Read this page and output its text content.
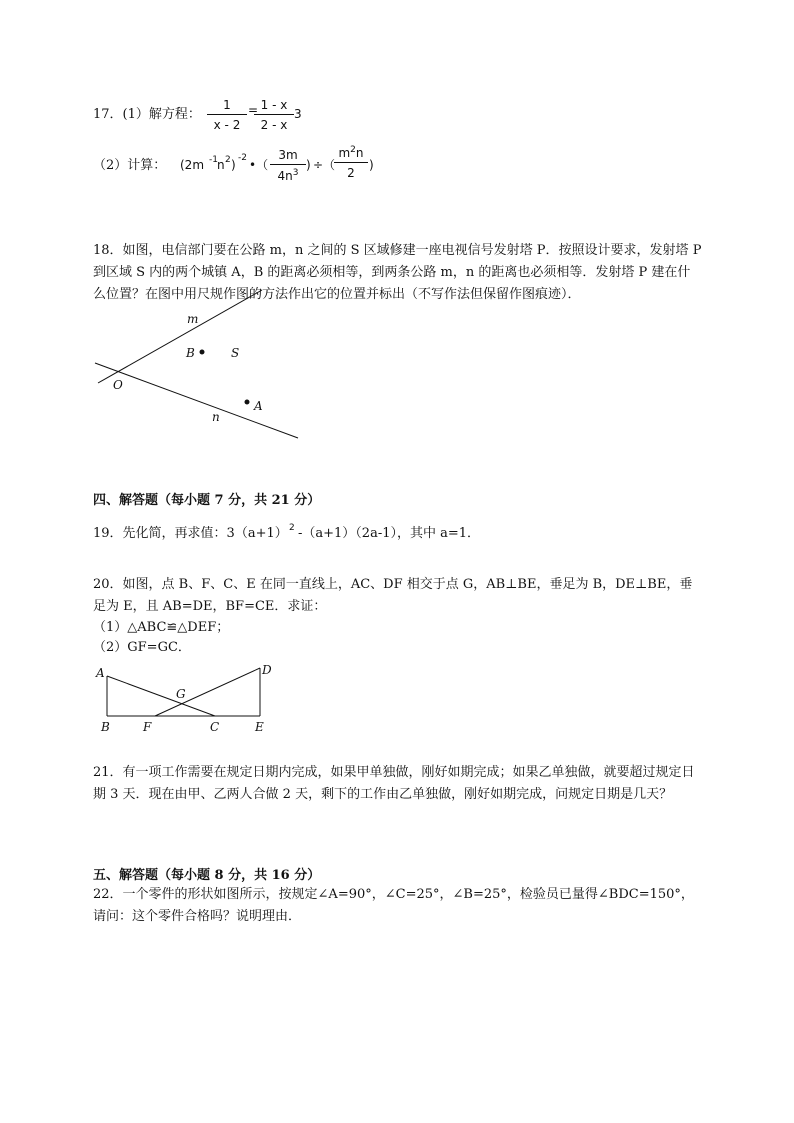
17．(1）解方程：
1
x - 2
= 1 - x
2 - x
3
（2）计算： (2m -1 n 2 ) -2 •（
3m
$4n^3$
) ÷（
$m^2n$
2
)
18．如图，电信部门要在公路 m，n 之间的 S 区域修建一座电视信号发射塔 P．按照设计要求，发射塔 P 到区域 S 内的两个城镇 A，B 的距离必须相等，到两条公路 m，n 的距离也必须相等．发射塔 P 建在什么位置？在图中用尺规作图的方法作出它的位置并标出（不写作法但保留作图痕迹）．
m
B	S
O
A
n
四、解答题（每小题 7 分，共 21 分）
19．先化简，再求值：3（a+1） 2 -（a+1）（2a-1），其中 a=1．
20．如图，点 B、F、C、E 在同一直线上，AC、DF 相交于点 G，AB⊥BE，垂足为 B，DE⊥BE，垂足为 E，且 AB=DE，BF=CE．求证：
（1）△ABC≌△DEF；
（2）GF=GC．
A	D
G
B	F	C	E
21．有一项工作需要在规定日期内完成，如果甲单独做，刚好如期完成；如果乙单独做，就要超过规定日期 3 天．现在由甲、乙两人合做 2 天，剩下的工作由乙单独做，刚好如期完成，问规定日期是几天？
五、解答题（每小题 8 分，共 16 分）
22．一个零件的形状如图所示，按规定∠A=90°，∠C=25°，∠B=25°，检验员已量得∠BDC=150°，请问：这个零件合格吗？说明理由．
